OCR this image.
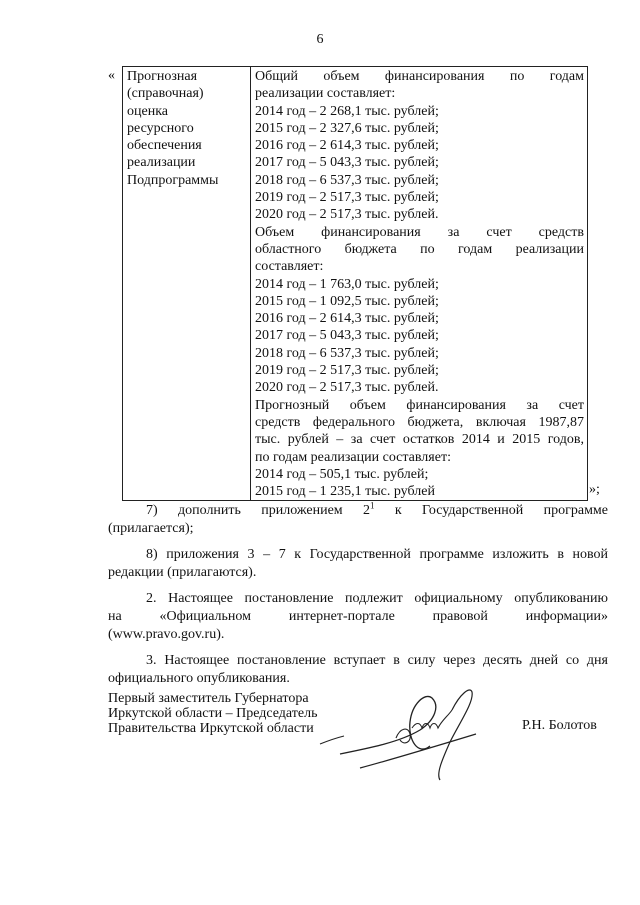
6
« Прогнозная
(справочная)
оценка
ресурсного
обеспечения
реализации
Подпрограммы

Общий объем финансирования по годам
реализации составляет:
2014 год – 2 268,1 тыс. рублей;
2015 год – 2 327,6 тыс. рублей;
2016 год – 2 614,3 тыс. рублей;
2017 год – 5 043,3 тыс. рублей;
2018 год – 6 537,3 тыс. рублей;
2019 год – 2 517,3 тыс. рублей;
2020 год – 2 517,3 тыс. рублей.
Объем финансирования за счет средств
областного бюджета по годам реализации
составляет:
2014 год – 1 763,0 тыс. рублей;
2015 год – 1 092,5 тыс. рублей;
2016 год – 2 614,3 тыс. рублей;
2017 год – 5 043,3 тыс. рублей;
2018 год – 6 537,3 тыс. рублей;
2019 год – 2 517,3 тыс. рублей;
2020 год – 2 517,3 тыс. рублей.
Прогнозный объем финансирования за счет
средств федерального бюджета, включая 1987,87
тыс. рублей – за счет остатков 2014 и 2015 годов,
по годам реализации составляет:
2014 год – 505,1 тыс. рублей;
2015 год – 1 235,1 тыс. рублей	»;

7) дополнить приложением $2^1$ к Государственной программе
(прилагается);

8) приложения 3 – 7 к Государственной программе изложить в новой
редакции (прилагаются).

2. Настоящее постановление подлежит официальному опубликованию
на «Официальном интернет-портале правовой информации»
(www.pravo.gov.ru).

3. Настоящее постановление вступает в силу через десять дней со дня
официального опубликования.

Первый заместитель Губернатора
Иркутской области – Председатель
Правительства Иркутской области	Р.Н. Болотов
